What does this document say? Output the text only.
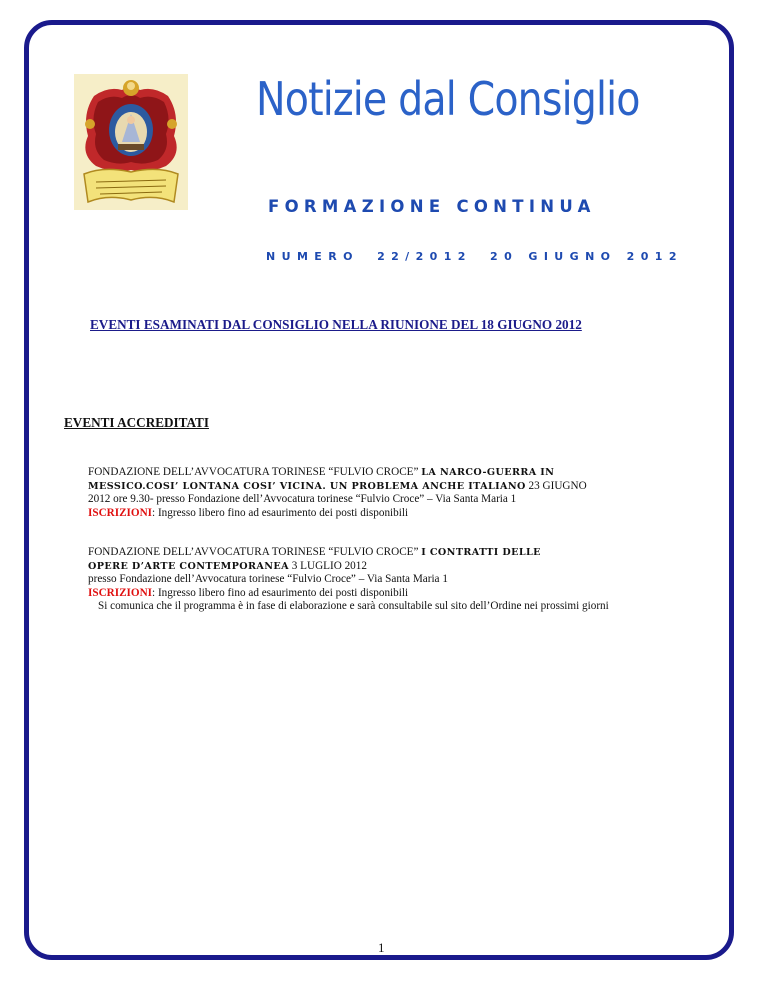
Notizie dal Consiglio
FORMAZIONE CONTINUA
NUMERO 22/2012 20 GIUGNO 2012
EVENTI ESAMINATI DAL CONSIGLIO NELLA RIUNIONE DEL 18 GIUGNO 2012
EVENTI ACCREDITATI
FONDAZIONE DELL’AVVOCATURA TORINESE “FULVIO CROCE” LA NARCO-GUERRA IN
MESSICO.COSI’ LONTANA COSI’ VICINA. UN PROBLEMA ANCHE ITALIANO 23 GIUGNO
2012 ore 9.30- presso Fondazione dell’Avvocatura torinese “Fulvio Croce” – Via Santa Maria 1
ISCRIZIONI: Ingresso libero fino ad esaurimento dei posti disponibili
FONDAZIONE DELL’AVVOCATURA TORINESE “FULVIO CROCE” I CONTRATTI DELLE
OPERE D’ARTE CONTEMPORANEA 3 LUGLIO 2012
presso Fondazione dell’Avvocatura torinese “Fulvio Croce” – Via Santa Maria 1
ISCRIZIONI: Ingresso libero fino ad esaurimento dei posti disponibili
Si comunica che il programma è in fase di elaborazione e sarà consultabile sul sito dell’Ordine nei prossimi giorni
1
